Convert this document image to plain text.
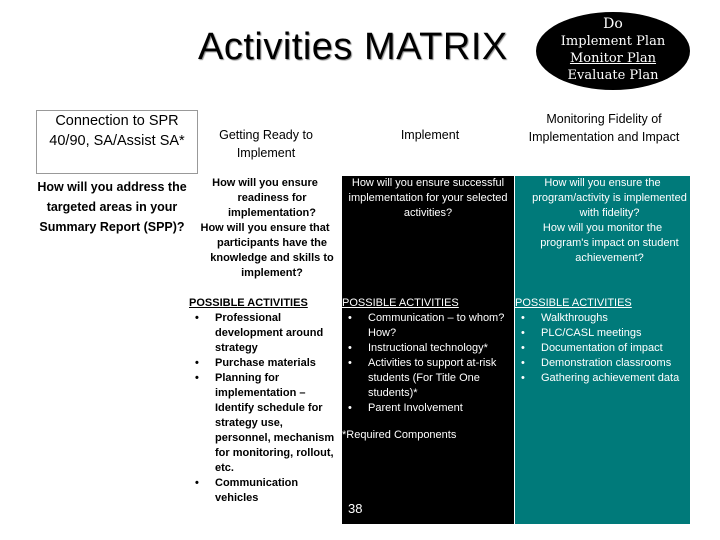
Activities MATRIX
Do
Implement Plan
Monitor Plan
Evaluate Plan
Connection to SPR 40/90, SA/Assist SA*	Getting Ready to Implement
Implement
Monitoring Fidelity of Implementation and Impact
How will you address the targeted areas in your Summary Report (SPP)?

How will you ensure
readiness for implementation?

How will you ensure that
participants have the knowledge and skills to implement?

POSSIBLE ACTIVITIES

• Professional development around strategy
• Purchase materials
• Planning for implementation – Identify schedule for strategy use, personnel, mechanism for monitoring, rollout, etc.
• Communication vehicles

How will you ensure successful implementation for your selected activities?

POSSIBLE ACTIVITIES

• Communication – to whom? How?
• Instructional technology*
• Activities to support at-risk students (For Title One students)*
• Parent Involvement

*Required Components

38

How will you ensure the
program/activity is implemented with fidelity?

How will you monitor the
program's impact on student achievement?

POSSIBLE ACTIVITIES

• Walkthroughs
• PLC/CASL meetings
• Documentation of impact
• Demonstration classrooms
• Gathering achievement data
